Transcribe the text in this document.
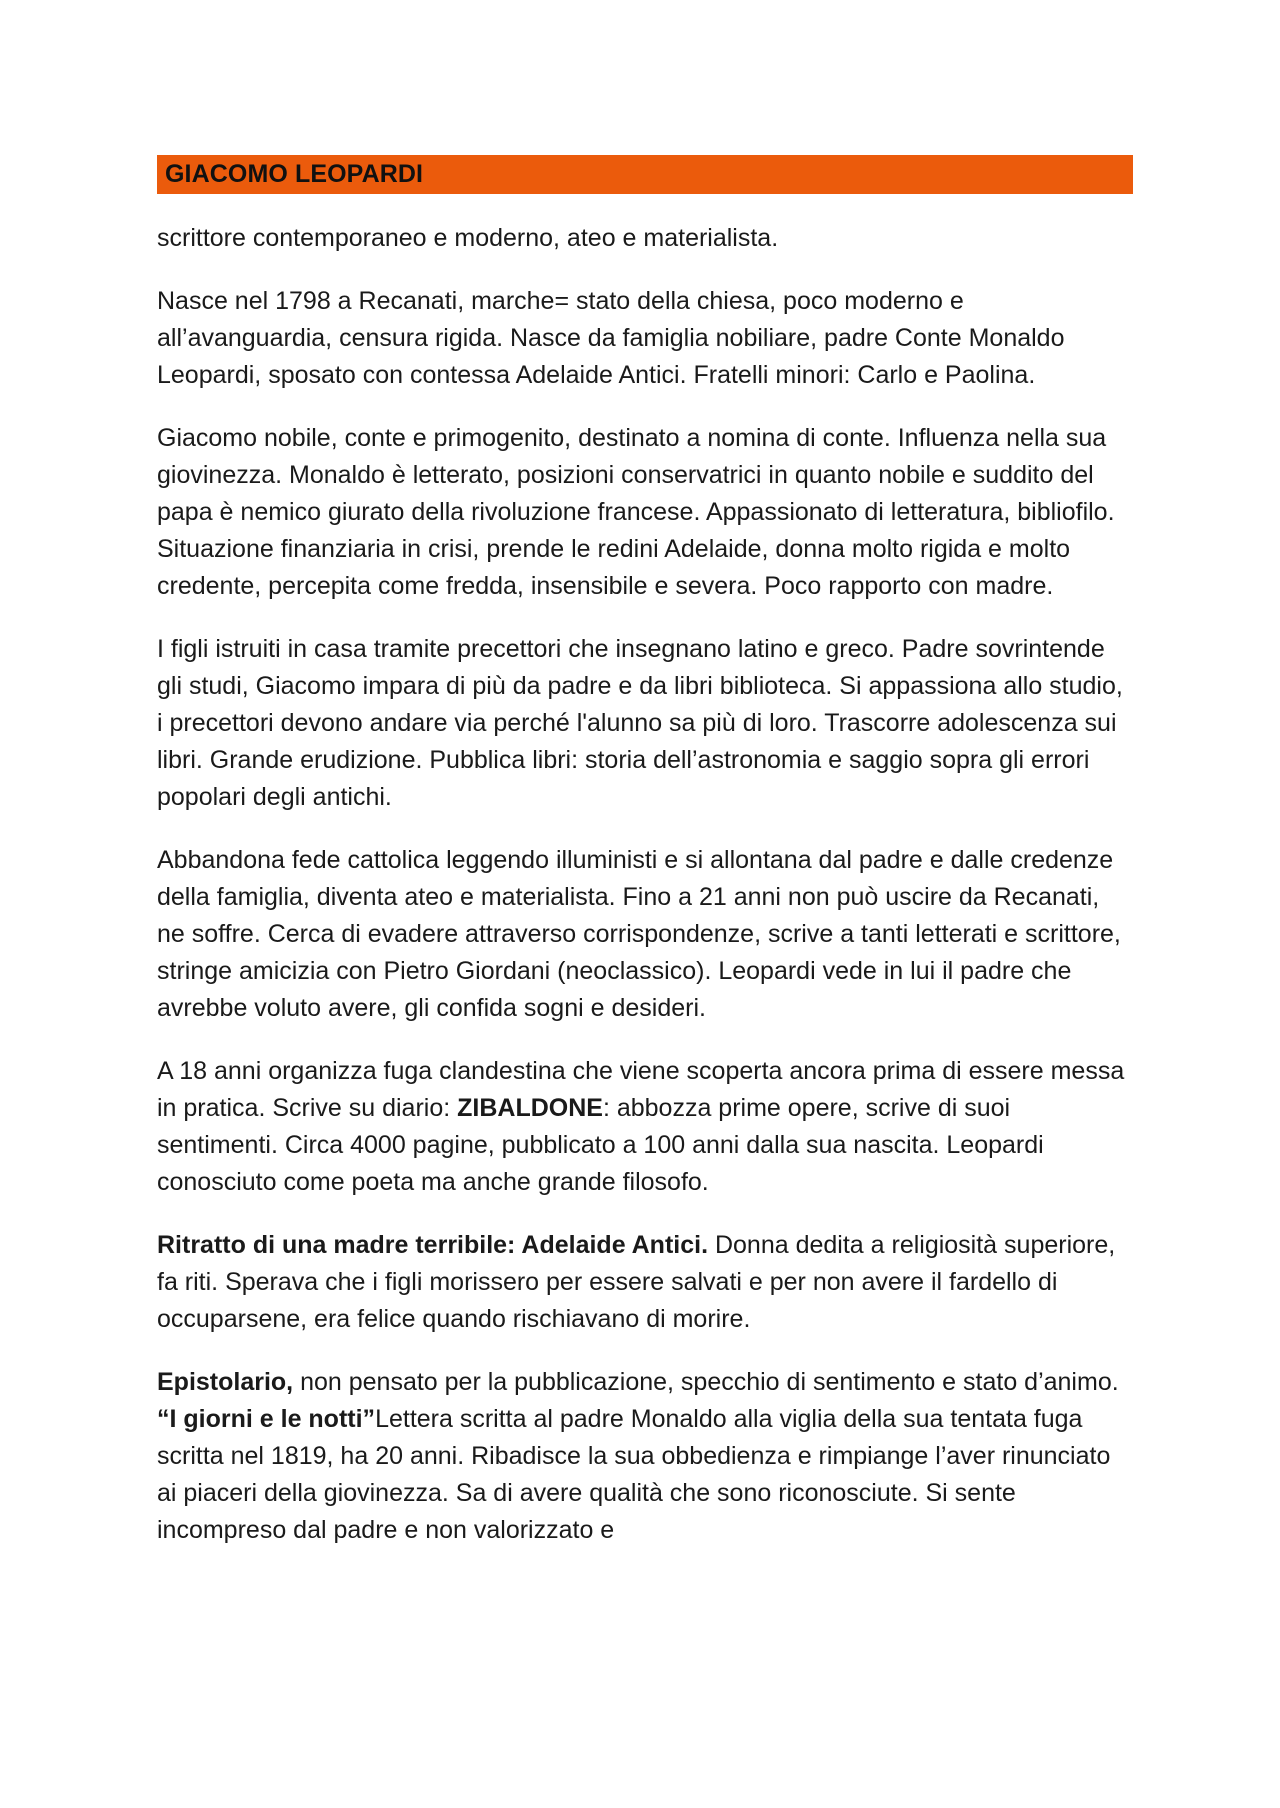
GIACOMO LEOPARDI

scrittore contemporaneo e moderno, ateo e materialista.

Nasce nel 1798 a Recanati, marche= stato della chiesa, poco moderno e all’avanguardia, censura rigida. Nasce da famiglia nobiliare, padre Conte Monaldo Leopardi, sposato con contessa Adelaide Antici. Fratelli minori: Carlo e Paolina.

Giacomo nobile, conte e primogenito, destinato a nomina di conte. Influenza nella sua giovinezza. Monaldo è letterato, posizioni conservatrici in quanto nobile e suddito del papa è nemico giurato della rivoluzione francese. Appassionato di letteratura, bibliofilo. Situazione finanziaria in crisi, prende le redini Adelaide, donna molto rigida e molto credente, percepita come fredda, insensibile e severa. Poco rapporto con madre.

I figli istruiti in casa tramite precettori che insegnano latino e greco. Padre sovrintende gli studi, Giacomo impara di più da padre e da libri biblioteca. Si appassiona allo studio, i precettori devono andare via perché l'alunno sa più di loro. Trascorre adolescenza sui libri. Grande erudizione. Pubblica libri: storia dell’astronomia e saggio sopra gli errori popolari degli antichi.

Abbandona fede cattolica leggendo illuministi e si allontana dal padre e dalle credenze della famiglia, diventa ateo e materialista. Fino a 21 anni non può uscire da Recanati, ne soffre. Cerca di evadere attraverso corrispondenze, scrive a tanti letterati e scrittore, stringe amicizia con Pietro Giordani (neoclassico). Leopardi vede in lui il padre che avrebbe voluto avere, gli confida sogni e desideri.

A 18 anni organizza fuga clandestina che viene scoperta ancora prima di essere messa in pratica. Scrive su diario: ZIBALDONE: abbozza prime opere, scrive di suoi sentimenti. Circa 4000 pagine, pubblicato a 100 anni dalla sua nascita. Leopardi conosciuto come poeta ma anche grande filosofo.

Ritratto di una madre terribile: Adelaide Antici. Donna dedita a religiosità superiore, fa riti. Sperava che i figli morissero per essere salvati e per non avere il fardello di occuparsene, era felice quando rischiavano di morire.

Epistolario, non pensato per la pubblicazione, specchio di sentimento e stato d’animo. “I giorni e le notti”Lettera scritta al padre Monaldo alla viglia della sua tentata fuga scritta nel 1819, ha 20 anni. Ribadisce la sua obbedienza e rimpiange l’aver rinunciato ai piaceri della giovinezza. Sa di avere qualità che sono riconosciute. Si sente incompreso dal padre e non valorizzato e
